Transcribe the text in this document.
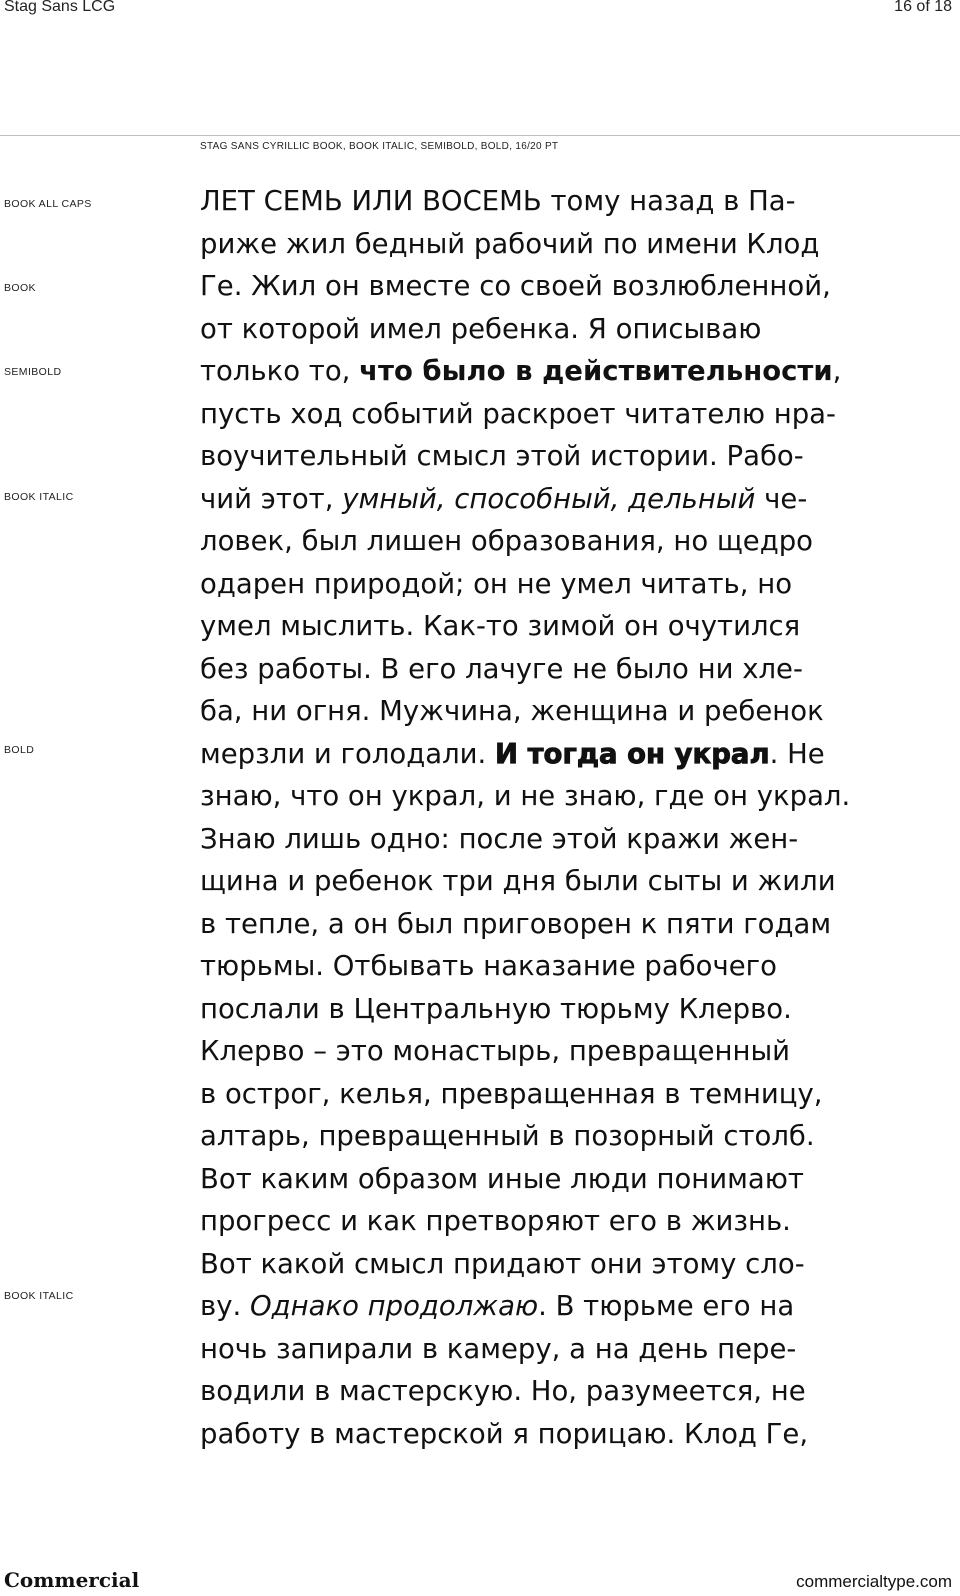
Stag Sans LCG	16 of 18
STAG SANS CYRILLIC BOOK, BOOK ITALIC, SEMIBOLD, BOLD, 16/20 PT
BOOK ALL CAPS
BOOK
SEMIBOLD
BOOK ITALIC
BOLD
BOOK ITALIC
ЛЕТ СЕМЬ ИЛИ ВОСЕМЬ тому назад в Па-
риже жил бедный рабочий по имени Клод
Ге. Жил он вместе со своей возлюбленной,
от которой имел ребенка. Я описываю
только то, что было в действительности,
пусть ход событий раскроет читателю нра-
воучительный смысл этой истории. Рабо-
чий этот, умный, способный, дельный че-
ловек, был лишен образования, но щедро
одарен природой; он не умел читать, но
умел мыслить. Как-то зимой он очутился
без работы. В его лачуге не было ни хле-
ба, ни огня. Мужчина, женщина и ребенок
мерзли и голодали. И тогда он украл. Не
знаю, что он украл, и не знаю, где он украл.
Знаю лишь одно: после этой кражи жен-
щина и ребенок три дня были сыты и жили
в тепле, а он был приговорен к пяти годам
тюрьмы. Отбывать наказание рабочего
послали в Центральную тюрьму Клерво.
Клерво – это монастырь, превращенный
в острог, келья, превращенная в темницу,
алтарь, превращенный в позорный столб.
Вот каким образом иные люди понимают
прогресс и как претворяют его в жизнь.
Вот какой смысл придают они этому сло-
ву. Однако продолжаю. В тюрьме его на
ночь запирали в камеру, а на день пере-
водили в мастерскую. Но, разумеется, не
работу в мастерской я порицаю. Клод Ге,
Commercial	commercialtype.com
